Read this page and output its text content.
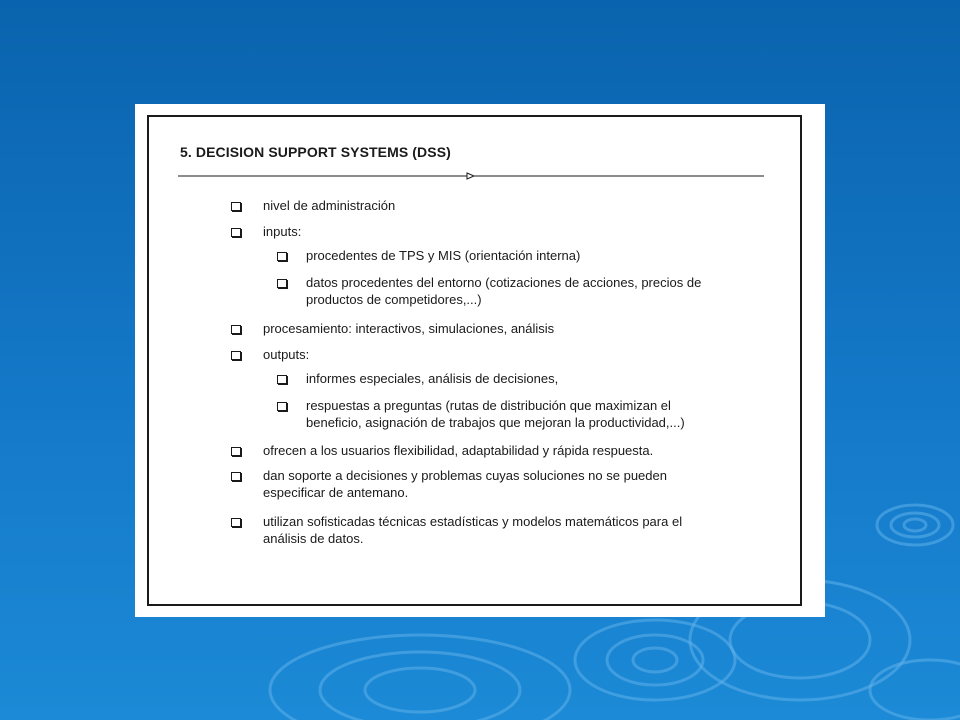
5. DECISION SUPPORT SYSTEMS (DSS)
nivel de administración
inputs:
procedentes de TPS y MIS (orientación interna)
datos procedentes del entorno (cotizaciones de acciones, precios de
productos de competidores,...)
procesamiento: interactivos, simulaciones, análisis
outputs:
informes especiales, análisis de decisiones,
respuestas a preguntas (rutas de distribución que maximizan el
beneficio, asignación de trabajos que mejoran la productividad,...)
ofrecen a los usuarios flexibilidad, adaptabilidad y rápida respuesta.
dan soporte a decisiones y problemas cuyas soluciones no se pueden
especificar de antemano.
utilizan sofisticadas técnicas estadísticas y modelos matemáticos para el
análisis de datos.
